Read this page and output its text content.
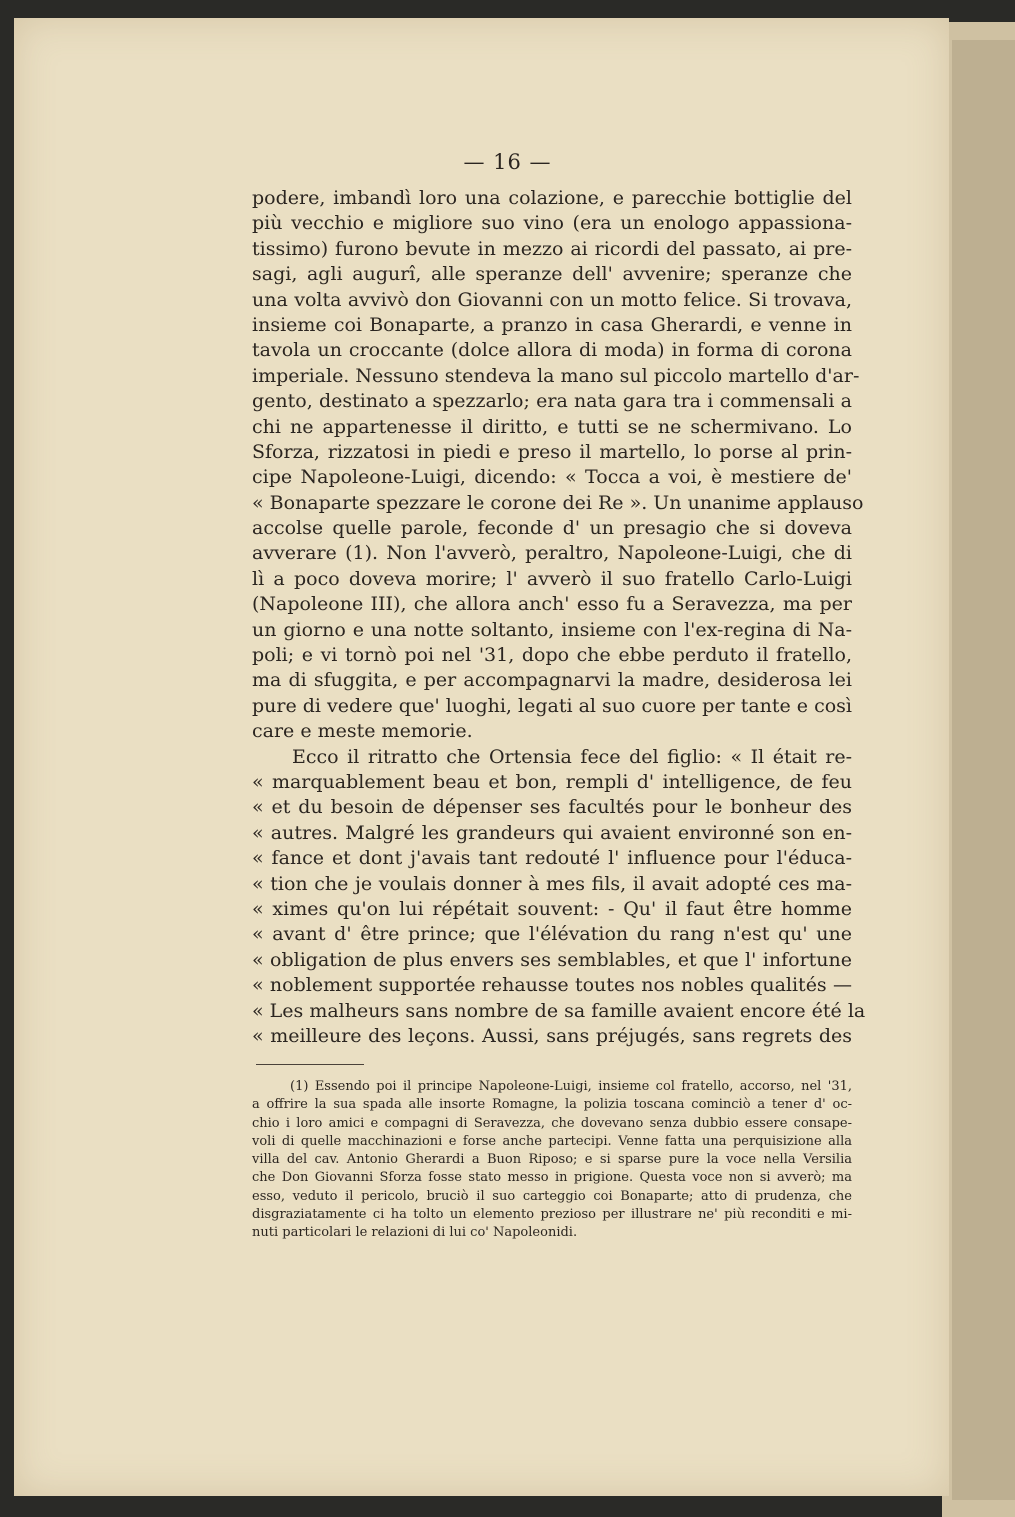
— 16 —
podere, imbandì loro una colazione, e parecchie bottiglie del
più vecchio e migliore suo vino (era un enologo appassiona-
tissimo) furono bevute in mezzo ai ricordi del passato, ai pre-
sagi, agli augurî, alle speranze dell' avvenire; speranze che
una volta avvivò don Giovanni con un motto felice. Si trovava,
insieme coi Bonaparte, a pranzo in casa Gherardi, e venne in
tavola un croccante (dolce allora di moda) in forma di corona
imperiale. Nessuno stendeva la mano sul piccolo martello d'ar-
gento, destinato a spezzarlo; era nata gara tra i commensali a
chi ne appartenesse il diritto, e tutti se ne schermivano. Lo
Sforza, rizzatosi in piedi e preso il martello, lo porse al prin-
cipe Napoleone-Luigi, dicendo: « Tocca a voi, è mestiere de'
« Bonaparte spezzare le corone dei Re ». Un unanime applauso
accolse quelle parole, feconde d' un presagio che si doveva
avverare (1). Non l'avverò, peraltro, Napoleone-Luigi, che di
lì a poco doveva morire; l' avverò il suo fratello Carlo-Luigi
(Napoleone III), che allora anch' esso fu a Seravezza, ma per
un giorno e una notte soltanto, insieme con l'ex-regina di Na-
poli; e vi tornò poi nel '31, dopo che ebbe perduto il fratello,
ma di sfuggita, e per accompagnarvi la madre, desiderosa lei
pure di vedere que' luoghi, legati al suo cuore per tante e così
care e meste memorie.
Ecco il ritratto che Ortensia fece del figlio: « Il était re-
« marquablement beau et bon, rempli d' intelligence, de feu
« et du besoin de dépenser ses facultés pour le bonheur des
« autres. Malgré les grandeurs qui avaient environné son en-
« fance et dont j'avais tant redouté l' influence pour l'éduca-
« tion che je voulais donner à mes fils, il avait adopté ces ma-
« ximes qu'on lui répétait souvent: - Qu' il faut être homme
« avant d' être prince; que l'élévation du rang n'est qu' une
« obligation de plus envers ses semblables, et que l' infortune
« noblement supportée rehausse toutes nos nobles qualités —
« Les malheurs sans nombre de sa famille avaient encore été la
« meilleure des leçons. Aussi, sans préjugés, sans regrets des
(1) Essendo poi il principe Napoleone-Luigi, insieme col fratello, accorso, nel '31,
a offrire la sua spada alle insorte Romagne, la polizia toscana cominciò a tener d' oc-
chio i loro amici e compagni di Seravezza, che dovevano senza dubbio essere consape-
voli di quelle macchinazioni e forse anche partecipi. Venne fatta una perquisizione alla
villa del cav. Antonio Gherardi a Buon Riposo; e si sparse pure la voce nella Versilia
che Don Giovanni Sforza fosse stato messo in prigione. Questa voce non si avverò; ma
esso, veduto il pericolo, bruciò il suo carteggio coi Bonaparte; atto di prudenza, che
disgraziatamente ci ha tolto un elemento prezioso per illustrare ne' più reconditi e mi-
nuti particolari le relazioni di lui co' Napoleonidi.
